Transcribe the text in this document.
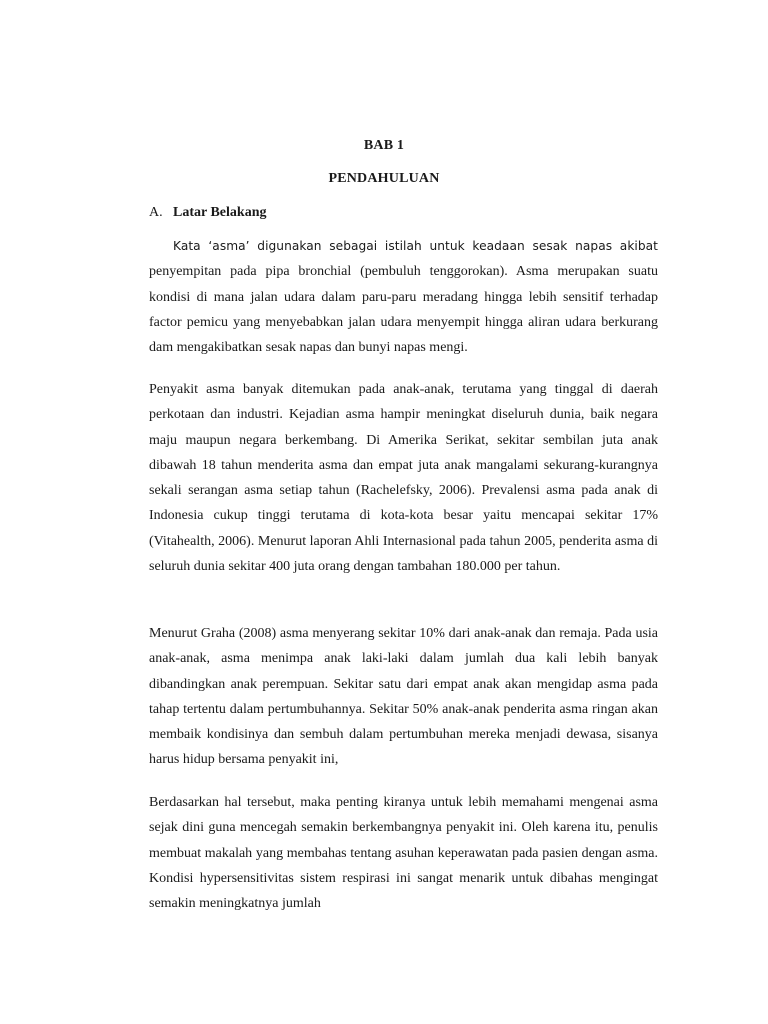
BAB 1
PENDAHULUAN
A. Latar Belakang

Kata ‘asma’ digunakan sebagai istilah untuk keadaan sesak napas akibat penyempitan pada pipa bronchial (pembuluh tenggorokan). Asma merupakan suatu kondisi di mana jalan udara dalam paru-paru meradang hingga lebih sensitif terhadap factor pemicu yang menyebabkan jalan udara menyempit hingga aliran udara berkurang dam mengakibatkan sesak napas dan bunyi napas mengi.

Penyakit asma banyak ditemukan pada anak-anak, terutama yang tinggal di daerah perkotaan dan industri. Kejadian asma hampir meningkat diseluruh dunia, baik negara maju maupun negara berkembang. Di Amerika Serikat, sekitar sembilan juta anak dibawah 18 tahun menderita asma dan empat juta anak mangalami sekurang-kurangnya sekali serangan asma setiap tahun (Rachelefsky, 2006). Prevalensi asma pada anak di Indonesia cukup tinggi terutama di kota-kota besar yaitu mencapai sekitar 17% (Vitahealth, 2006). Menurut laporan Ahli Internasional pada tahun 2005, penderita asma di seluruh dunia sekitar 400 juta orang dengan tambahan 180.000 per tahun.

Menurut Graha (2008) asma menyerang sekitar 10% dari anak-anak dan remaja. Pada usia anak-anak, asma menimpa anak laki-laki dalam jumlah dua kali lebih banyak dibandingkan anak perempuan. Sekitar satu dari empat anak akan mengidap asma pada tahap tertentu dalam pertumbuhannya. Sekitar 50% anak-anak penderita asma ringan akan membaik kondisinya dan sembuh dalam pertumbuhan mereka menjadi dewasa, sisanya harus hidup bersama penyakit ini,

Berdasarkan hal tersebut, maka penting kiranya untuk lebih memahami mengenai asma sejak dini guna mencegah semakin berkembangnya penyakit ini. Oleh karena itu, penulis membuat makalah yang membahas tentang asuhan keperawatan pada pasien dengan asma. Kondisi hypersensitivitas sistem respirasi ini sangat menarik untuk dibahas mengingat semakin meningkatnya jumlah
